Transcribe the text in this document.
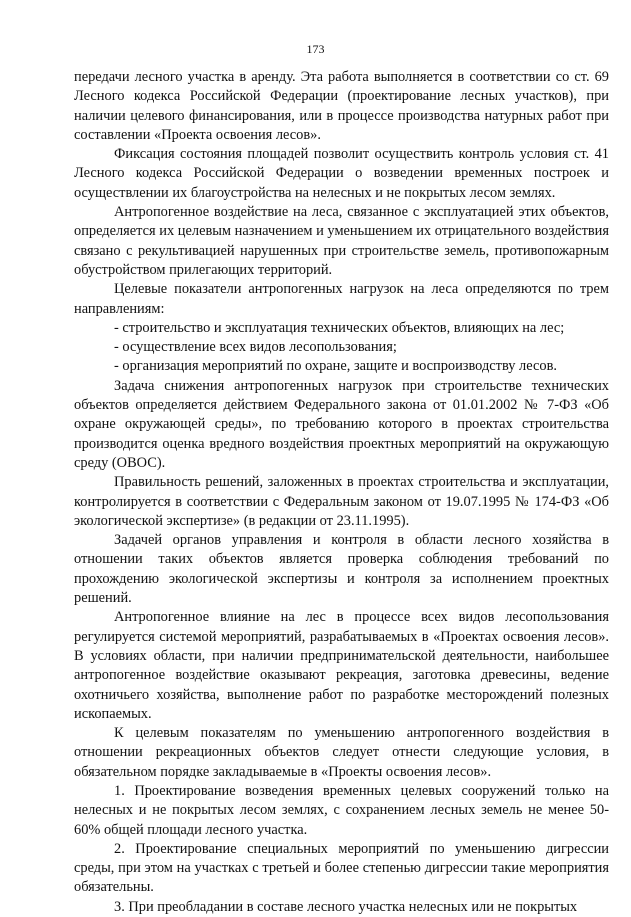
173

передачи лесного участка в аренду. Эта работа выполняется в соответствии со ст. 69 Лесного кодекса Российской Федерации (проектирование лесных участков), при наличии целевого финансирования, или в процессе производства натурных работ при составлении «Проекта освоения лесов».

Фиксация состояния площадей позволит осуществить контроль условия ст. 41 Лесного кодекса Российской Федерации о возведении временных построек и осуществлении их благоустройства на нелесных и не покрытых лесом землях.

Антропогенное воздействие на леса, связанное с эксплуатацией этих объектов, определяется их целевым назначением и уменьшением их отрицательного воздействия связано с рекультивацией нарушенных при строительстве земель, противопожарным обустройством прилегающих территорий.

Целевые показатели антропогенных нагрузок на леса определяются по трем направлениям:

- строительство и эксплуатация технических объектов, влияющих на лес;

- осуществление всех видов лесопользования;

- организация мероприятий по охране, защите и воспроизводству лесов.

Задача снижения антропогенных нагрузок при строительстве технических объектов определяется действием Федерального закона от 01.01.2002 № 7-ФЗ «Об охране окружающей среды», по требованию которого в проектах строительства производится оценка вредного воздействия проектных мероприятий на окружающую среду (ОВОС).

Правильность решений, заложенных в проектах строительства и эксплуатации, контролируется в соответствии с Федеральным законом от 19.07.1995 № 174-ФЗ «Об экологической экспертизе» (в редакции от 23.11.1995).

Задачей органов управления и контроля в области лесного хозяйства в отношении таких объектов является проверка соблюдения требований по прохождению экологической экспертизы и контроля за исполнением проектных решений.

Антропогенное влияние на лес в процессе всех видов лесопользования регулируется системой мероприятий, разрабатываемых в «Проектах освоения лесов». В условиях области, при наличии предпринимательской деятельности, наибольшее антропогенное воздействие оказывают рекреация, заготовка древесины, ведение охотничьего хозяйства, выполнение работ по разработке месторождений полезных ископаемых.

К целевым показателям по уменьшению антропогенного воздействия в отношении рекреационных объектов следует отнести следующие условия, в обязательном порядке закладываемые в «Проекты освоения лесов».

1. Проектирование возведения временных целевых сооружений только на нелесных и не покрытых лесом землях, с сохранением лесных земель не менее 50-60% общей площади лесного участка.

2. Проектирование специальных мероприятий по уменьшению дигрессии среды, при этом на участках с третьей и более степенью дигрессии такие мероприятия обязательны.

3. При преобладании в составе лесного участка нелесных или не покрытых
